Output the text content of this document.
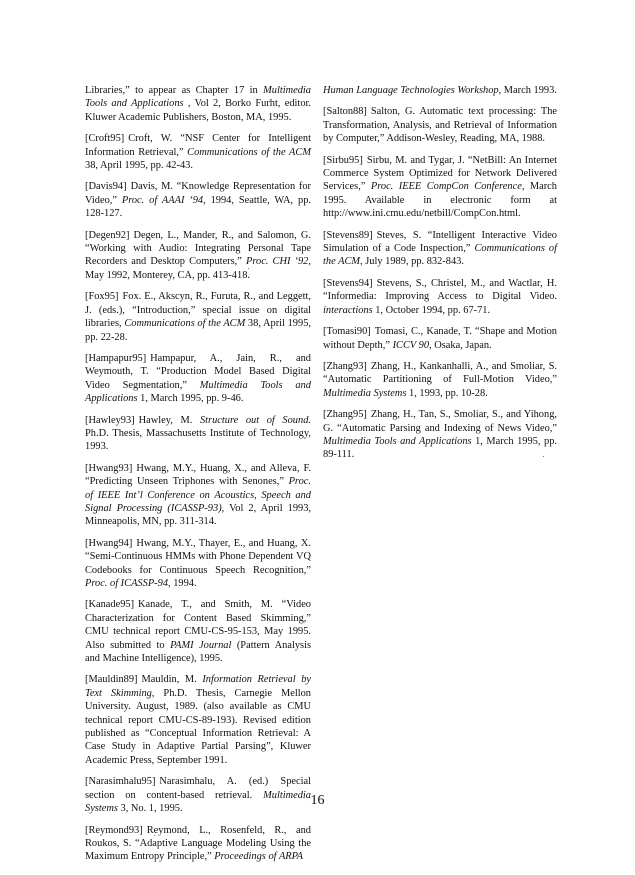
Libraries,” to appear as Chapter 17 in Multimedia Tools and Applications , Vol 2, Borko Furht, editor. Kluwer Academic Publishers, Boston, MA, 1995.

[Croft95] Croft, W. “NSF Center for Intelligent Information Retrieval,” Communications of the ACM 38, April 1995, pp. 42-43.

[Davis94] Davis, M. “Knowledge Representation for Video,” Proc. of AAAI ‘94, 1994, Seattle, WA, pp. 128-127.

[Degen92] Degen, L., Mander, R., and Salomon, G. “Working with Audio: Integrating Personal Tape Recorders and Desktop Computers,” Proc. CHI ‘92, May 1992, Monterey, CA, pp. 413-418.

[Fox95] Fox. E., Akscyn, R., Furuta, R., and Leggett, J. (eds.), “Introduction,” special issue on digital libraries, Communications of the ACM 38, April 1995, pp. 22-28.

[Hampapur95] Hampapur, A., Jain, R., and Weymouth, T. “Production Model Based Digital Video Segmentation,” Multimedia Tools and Applications 1, March 1995, pp. 9-46.

[Hawley93] Hawley, M. Structure out of Sound. Ph.D. Thesis, Massachusetts Institute of Technology, 1993.

[Hwang93] Hwang, M.Y., Huang, X., and Alleva, F. “Predicting Unseen Triphones with Senones,” Proc. of IEEE Int’l Conference on Acoustics, Speech and Signal Processing (ICASSP-93), Vol 2, April 1993, Minneapolis, MN, pp. 311-314.

[Hwang94] Hwang, M.Y., Thayer, E., and Huang, X. “Semi-Continuous HMMs with Phone Dependent VQ Codebooks for Continuous Speech Recognition,” Proc. of ICASSP-94, 1994.

[Kanade95] Kanade, T., and Smith, M. “Video Characterization for Content Based Skimming,” CMU technical report CMU-CS-95-153, May 1995. Also submitted to PAMI Journal (Pattern Analysis and Machine Intelligence), 1995.

[Mauldin89] Mauldin, M. Information Retrieval by Text Skimming, Ph.D. Thesis, Carnegie Mellon University. August, 1989. (also available as CMU technical report CMU-CS-89-193). Revised edition published as “Conceptual Information Retrieval: A Case Study in Adaptive Partial Parsing”, Kluwer Academic Press, September 1991.

[Narasimhalu95] Narasimhalu, A. (ed.) Special section on content-based retrieval. Multimedia Systems 3, No. 1, 1995.

[Reymond93] Reymond, L., Rosenfeld, R., and Roukos, S. “Adaptive Language Modeling Using the Maximum Entropy Principle,” Proceedings of ARPA

Human Language Technologies Workshop, March 1993.

[Salton88] Salton, G. Automatic text processing: The Transformation, Analysis, and Retrieval of Information by Computer,” Addison-Wesley, Reading, MA, 1988.

[Sirbu95] Sirbu, M. and Tygar, J. “NetBill: An Internet Commerce System Optimized for Network Delivered Services,” Proc. IEEE CompCon Conference, March 1995. Available in electronic form at http://www.ini.cmu.edu/netbill/CompCon.html.

[Stevens89] Steves, S. “Intelligent Interactive Video Simulation of a Code Inspection,” Communications of the ACM, July 1989, pp. 832-843.

[Stevens94] Stevens, S., Christel, M., and Wactlar, H. “Informedia: Improving Access to Digital Video. interactions 1, October 1994, pp. 67-71.

[Tomasi90] Tomasi, C., Kanade, T. “Shape and Motion without Depth,” ICCV 90, Osaka, Japan.

[Zhang93] Zhang, H., Kankanhalli, A., and Smoliar, S. “Automatic Partitioning of Full-Motion Video,” Multimedia Systems 1, 1993, pp. 10-28.

[Zhang95] Zhang, H., Tan, S., Smoliar, S., and Yihong, G. “Automatic Parsing and Indexing of News Video,” Multimedia Tools and Applications 1, March 1995, pp. 89-111.

16
